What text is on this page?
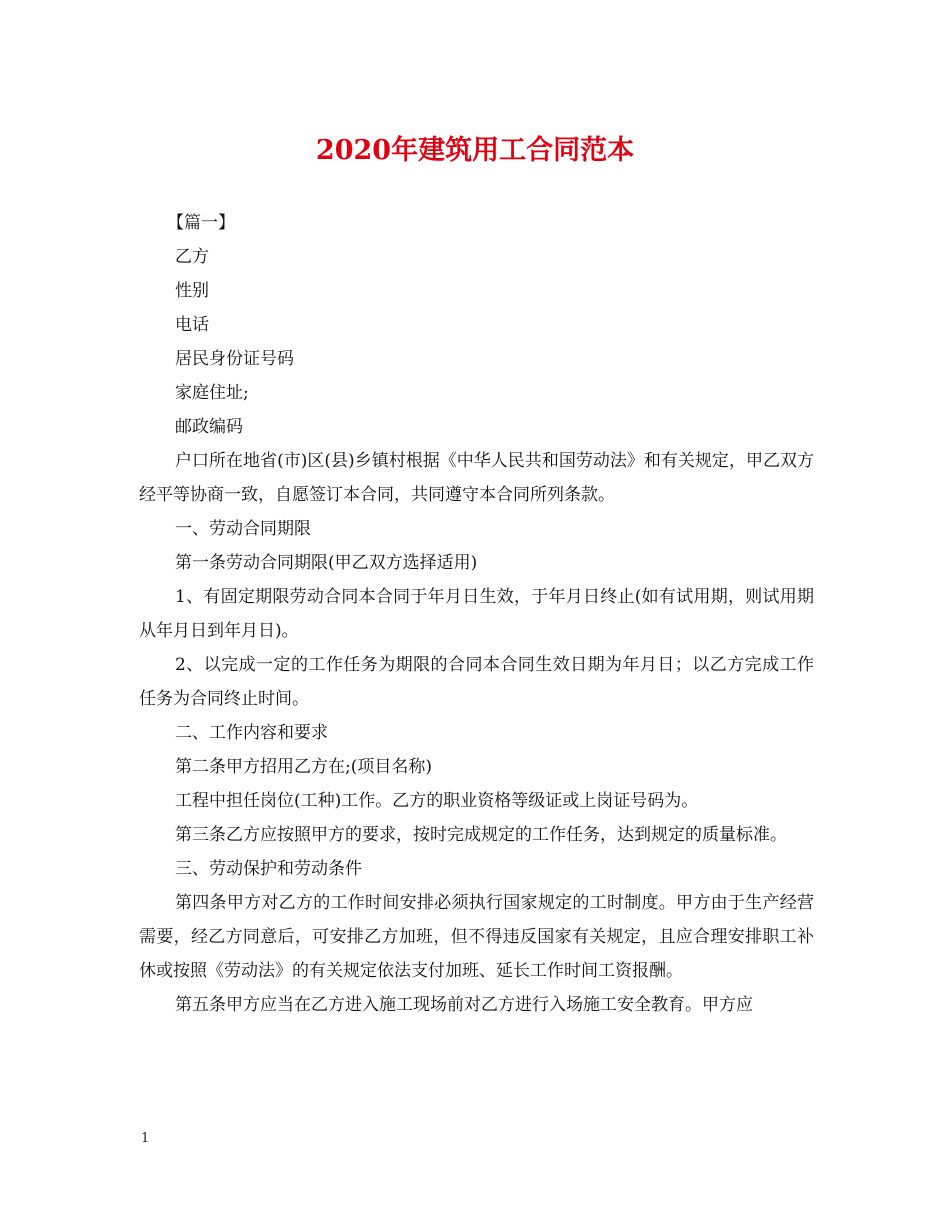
2020年建筑用工合同范本

【篇一】

乙方

性别

电话

居民身份证号码

家庭住址;

邮政编码

户口所在地省(市)区(县)乡镇村根据《中华人民共和国劳动法》和有关规定，甲乙双方经平等协商一致，自愿签订本合同，共同遵守本合同所列条款。

一、劳动合同期限

第一条劳动合同期限(甲乙双方选择适用)

1、有固定期限劳动合同本合同于年月日生效，于年月日终止(如有试用期，则试用期从年月日到年月日)。

2、以完成一定的工作任务为期限的合同本合同生效日期为年月日；以乙方完成工作任务为合同终止时间。

二、工作内容和要求

第二条甲方招用乙方在;(项目名称)

工程中担任岗位(工种)工作。乙方的职业资格等级证或上岗证号码为。

第三条乙方应按照甲方的要求，按时完成规定的工作任务，达到规定的质量标准。

三、劳动保护和劳动条件

第四条甲方对乙方的工作时间安排必须执行国家规定的工时制度。甲方由于生产经营需要，经乙方同意后，可安排乙方加班，但不得违反国家有关规定，且应合理安排职工补休或按照《劳动法》的有关规定依法支付加班、延长工作时间工资报酬。

第五条甲方应当在乙方进入施工现场前对乙方进行入场施工安全教育。甲方应

1
